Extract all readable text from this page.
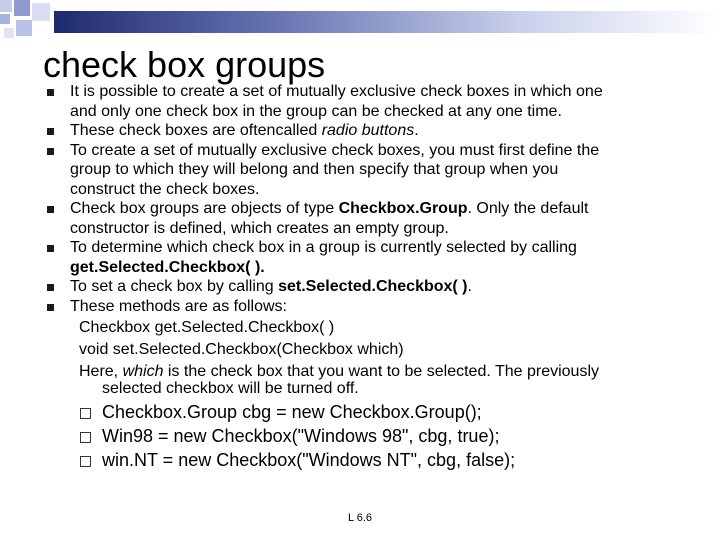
check box groups
It is possible to create a set of mutually exclusive check boxes in which one
and only one check box in the group can be checked at any one time.
These check boxes are oftencalled radio buttons.
To create a set of mutually exclusive check boxes, you must first define the
group to which they will belong and then specify that group when you
construct the check boxes.
Check box groups are objects of type Checkbox.Group. Only the default
constructor is defined, which creates an empty group.
To determine which check box in a group is currently selected by calling
get.Selected.Checkbox( ).
To set a check box by calling set.Selected.Checkbox( ).
These methods are as follows:
Checkbox get.Selected.Checkbox( )
void set.Selected.Checkbox(Checkbox which)
Here, which is the check box that you want to be selected. The previously
selected checkbox will be turned off.
Checkbox.Group cbg = new Checkbox.Group();
Win98 = new Checkbox("Windows 98", cbg, true);
win.NT = new Checkbox("Windows NT", cbg, false);
L 6.6
